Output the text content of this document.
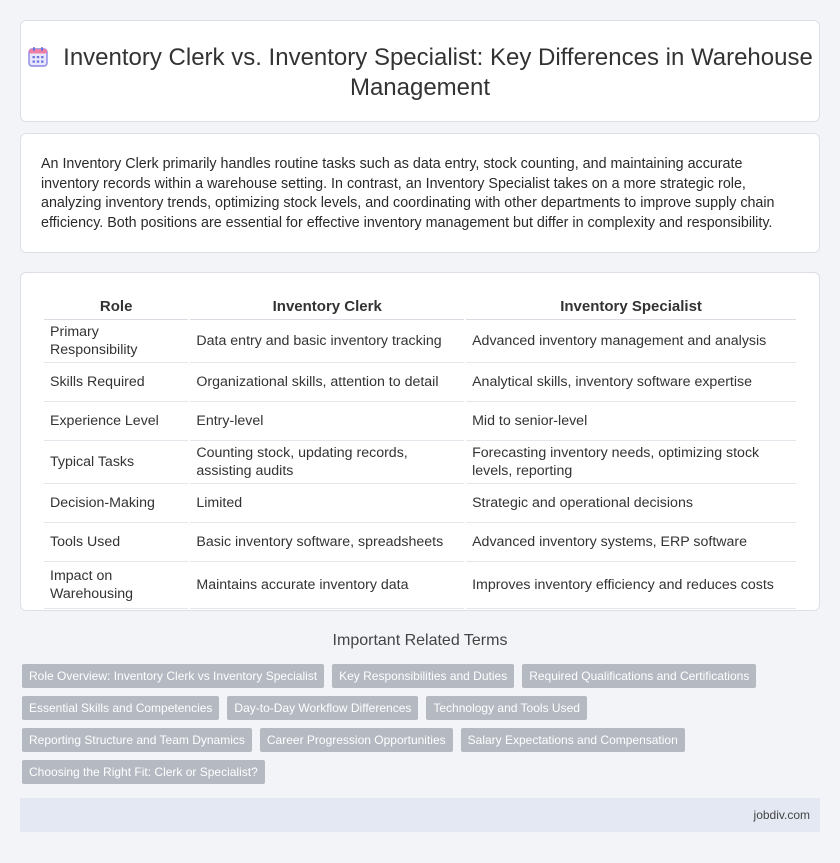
Inventory Clerk vs. Inventory Specialist: Key Differences in Warehouse Management

An Inventory Clerk primarily handles routine tasks such as data entry, stock counting, and maintaining accurate inventory records within a warehouse setting. In contrast, an Inventory Specialist takes on a more strategic role, analyzing inventory trends, optimizing stock levels, and coordinating with other departments to improve supply chain efficiency. Both positions are essential for effective inventory management but differ in complexity and responsibility.

Role	Inventory Clerk	Inventory Specialist
Primary Responsibility	Data entry and basic inventory tracking	Advanced inventory management and analysis
Skills Required	Organizational skills, attention to detail	Analytical skills, inventory software expertise
Experience Level	Entry-level	Mid to senior-level
Typical Tasks	Counting stock, updating records, assisting audits	Forecasting inventory needs, optimizing stock levels, reporting
Decision-Making	Limited	Strategic and operational decisions
Tools Used	Basic inventory software, spreadsheets	Advanced inventory systems, ERP software
Impact on Warehousing	Maintains accurate inventory data	Improves inventory efficiency and reduces costs
Important Related Terms
Role Overview: Inventory Clerk vs Inventory Specialist	Key Responsibilities and Duties	Required Qualifications and Certifications
Essential Skills and Competencies	Day-to-Day Workflow Differences	Technology and Tools Used
Reporting Structure and Team Dynamics	Career Progression Opportunities	Salary Expectations and Compensation
Choosing the Right Fit: Clerk or Specialist?
jobdiv.com
